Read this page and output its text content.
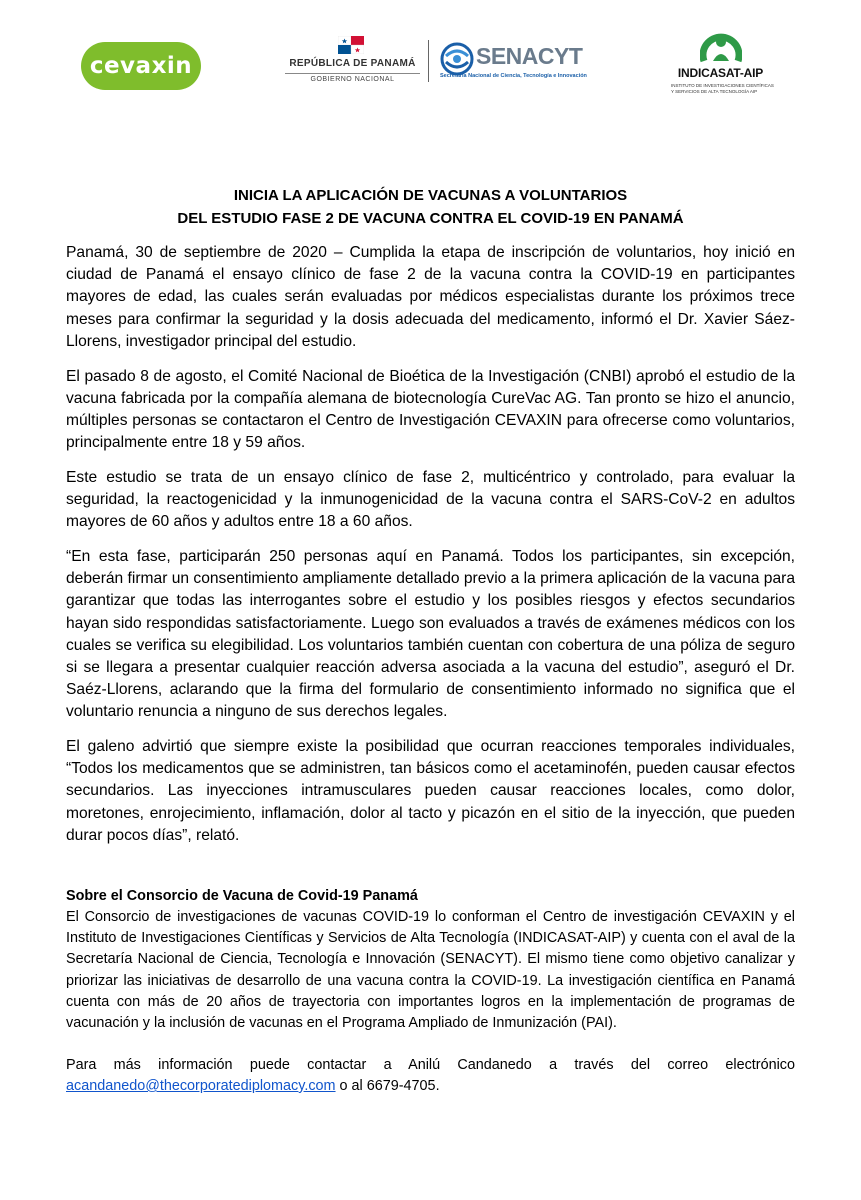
cevaxin	REPÚBLICA DE PANAMÁ
GOBIERNO NACIONAL
SENACYT
Secretaría Nacional de Ciencia, Tecnología e Innovación	INDICASAT-AIP
INSTITUTO DE INVESTIGACIONES CIENTÍFICAS Y SERVICIOS DE ALTA TECNOLOGÍA AIP
INICIA LA APLICACIÓN DE VACUNAS A VOLUNTARIOS
DEL ESTUDIO FASE 2 DE VACUNA CONTRA EL COVID-19 EN PANAMÁ

Panamá, 30 de septiembre de 2020 – Cumplida la etapa de inscripción de voluntarios, hoy inició en ciudad de Panamá el ensayo clínico de fase 2 de la vacuna contra la COVID-19 en participantes mayores de edad, las cuales serán evaluadas por médicos especialistas durante los próximos trece meses para confirmar la seguridad y la dosis adecuada del medicamento, informó el Dr. Xavier Sáez-Llorens, investigador principal del estudio.

El pasado 8 de agosto, el Comité Nacional de Bioética de la Investigación (CNBI) aprobó el estudio de la vacuna fabricada por la compañía alemana de biotecnología CureVac AG. Tan pronto se hizo el anuncio, múltiples personas se contactaron el Centro de Investigación CEVAXIN para ofrecerse como voluntarios, principalmente entre 18 y 59 años.

Este estudio se trata de un ensayo clínico de fase 2, multicéntrico y controlado, para evaluar la seguridad, la reactogenicidad y la inmunogenicidad de la vacuna contra el SARS-CoV-2 en adultos mayores de 60 años y adultos entre 18 a 60 años.

“En esta fase, participarán 250 personas aquí en Panamá. Todos los participantes, sin excepción, deberán firmar un consentimiento ampliamente detallado previo a la primera aplicación de la vacuna para garantizar que todas las interrogantes sobre el estudio y los posibles riesgos y efectos secundarios hayan sido respondidas satisfactoriamente. Luego son evaluados a través de exámenes médicos con los cuales se verifica su elegibilidad. Los voluntarios también cuentan con cobertura de una póliza de seguro si se llegara a presentar cualquier reacción adversa asociada a la vacuna del estudio”, aseguró el Dr. Saéz-Llorens, aclarando que la firma del formulario de consentimiento informado no significa que el voluntario renuncia a ninguno de sus derechos legales.

El galeno advirtió que siempre existe la posibilidad que ocurran reacciones temporales individuales, “Todos los medicamentos que se administren, tan básicos como el acetaminofén, pueden causar efectos secundarios. Las inyecciones intramusculares pueden causar reacciones locales, como dolor, moretones, enrojecimiento, inflamación, dolor al tacto y picazón en el sitio de la inyección, que pueden durar pocos días”, relató.

Sobre el Consorcio de Vacuna de Covid-19 Panamá

El Consorcio de investigaciones de vacunas COVID-19 lo conforman el Centro de investigación CEVAXIN y el Instituto de Investigaciones Científicas y Servicios de Alta Tecnología (INDICASAT-AIP) y cuenta con el aval de la Secretaría Nacional de Ciencia, Tecnología e Innovación (SENACYT). El mismo tiene como objetivo canalizar y priorizar las iniciativas de desarrollo de una vacuna contra la COVID-19. La investigación científica en Panamá cuenta con más de 20 años de trayectoria con importantes logros en la implementación de programas de vacunación y la inclusión de vacunas en el Programa Ampliado de Inmunización (PAI).

Para más información puede contactar a Anilú Candanedo a través del correo electrónico acandanedo@thecorporatediplomacy.com o al 6679-4705.
